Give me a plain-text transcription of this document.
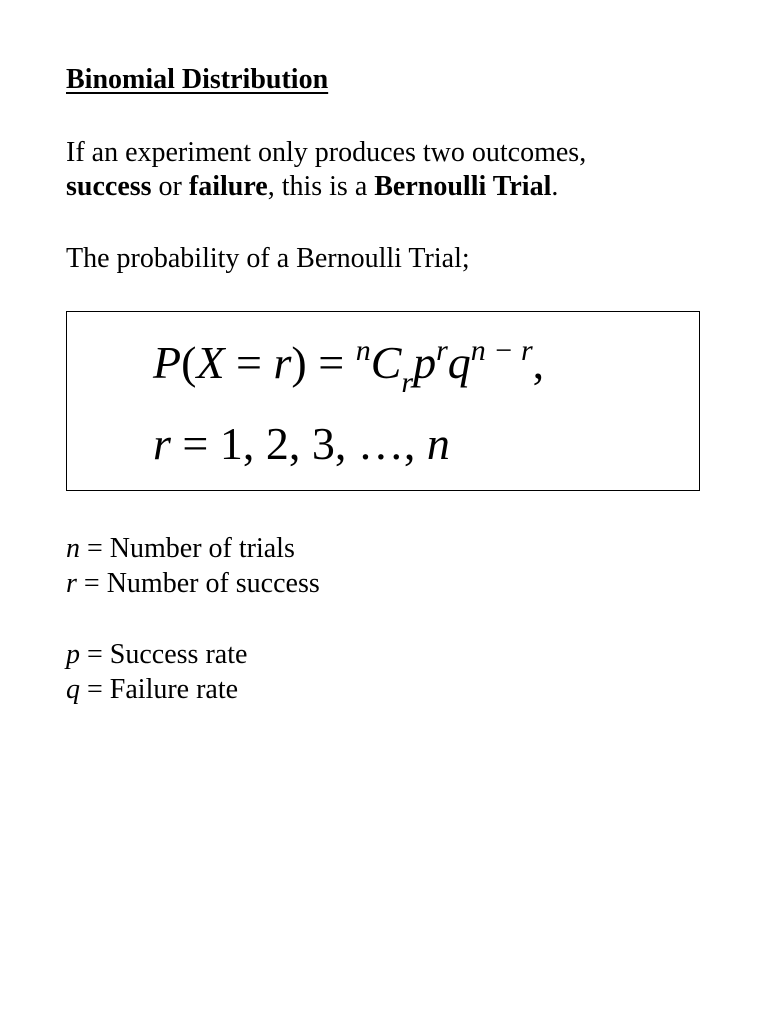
Binomial Distribution
If an experiment only produces two outcomes,
success or failure, this is a Bernoulli Trial.
The probability of a Bernoulli Trial;
$P(X = r) = ^nC_rp^rq^{n - r}$,
r = 1, 2, 3, …, n
n = Number of trials
r = Number of success
p = Success rate
q = Failure rate
